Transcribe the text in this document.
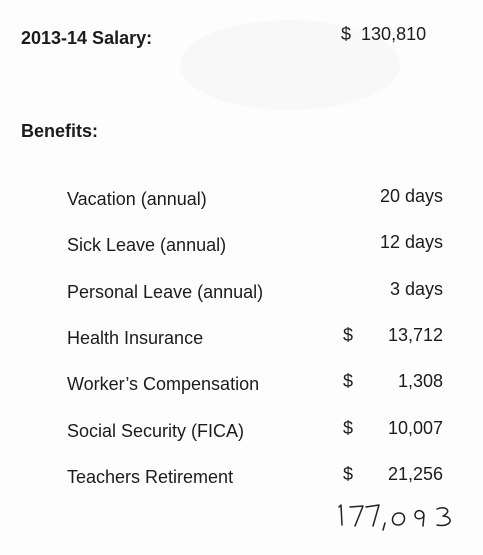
2013-14 Salary:	$ 130,810
Benefits:
Vacation (annual)	20 days
Sick Leave (annual)	12 days
Personal Leave (annual)	3 days
Health Insurance	$ 13,712
Worker’s Compensation	$ 1,308
Social Security (FICA)	$ 10,007
Teachers Retirement	$ 21,256
